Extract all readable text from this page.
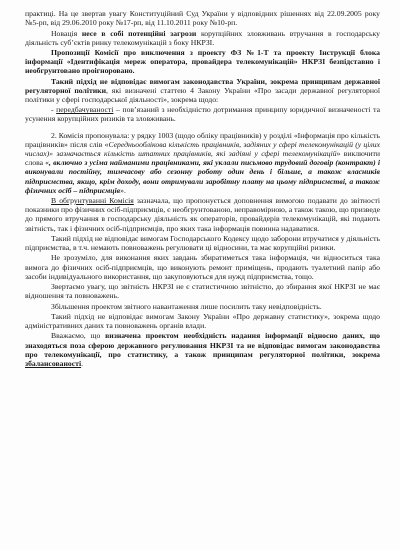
практиці. На це звертав увагу Конституційний Суд України у відповідних рішеннях від 22.09.2005 року №5-рп, від 29.06.2010 року №17-рп, від 11.10.2011 року №10-рп.

Новація несе в собі потенційні загрози корупційних зловживань втручання в господарську діяльність суб’єктів ринку телекомунікацій з боку НКРЗІ.

Пропозиції Комісії про виключення з проекту ФЗ №1-Т та проекту Інструкції блока інформації «Ідентифікація мереж оператора, провайдера телекомунікацій» НКРЗІ безпідставно і необгрунтовано проігноровано.

Такий підхід не відповідає вимогам законодавства України, зокрема принципам державної регуляторної політики, які визначені статтею 4 Закону України «Про засади державної регуляторної політики у сфері господарської діяльності», зокрема щодо:

- передбачуваності – пов’язаний з необхідністю дотримання принципу юридичної визначеності та усунення корупційних ризиків та зловживань.

2. Комісія пропонувала: у рядку 1003 (щодо обліку працівників) у розділі «Інформація про кількість працівників» після слів «Середньооблікова кількість працівників, задіяних у сфері телекомунікацій (у цілих числах)» зазначається кількість штатних працівників, які задіяні у сфері телекомунікацій» виключити слова «, включно з усіма найманими працівниками, які уклали письмово трудовий договір (контракт) і виконували постійну, тимчасову або сезонну роботу один день і більше, а також власників підприємства, якщо, крім доходу, вони отримували заробітну плату на цьому підприємстві, а також фізичних осіб – підприємців».

В обгрунтуванні Комісія зазначала, що пропонується доповнення вимогою подавати до звітності показники про фізичних осіб-підприємців, є необгрунтованою, неправомірною, а також такою, що призведе до прямого втручання в господарську діяльність як операторів, провайдерів телекомунікацій, які подають звітність, так і фізичних осіб-підприємців, про яких така інформація повинна надаватися.

Такий підхід не відповідає вимогам Господарського Кодексу щодо заборони втручатися у діяльність підприємства, в т.ч. немають повноважень регулювати ці відносини, та має корупційні ризики.

Не зрозуміло, для виконання яких завдань збиратиметься така інформація, чи відноситься така вимога до фізичних осіб-підприємців, що виконують ремонт приміщень, продають туалетний папір або засоби індивідуального використання, що закуповуються для нужд підприємства, тощо.

Звертаємо увагу, що звітність НКРЗІ не є статистичною звітністю, до збирання якої НКРЗІ не має відношення та повноважень.

Збільшення проектом звітного навантаження лише посилить таку невідповідність.

Такий підхід не відповідає вимогам Закону України «Про державну статистику», зокрема щодо адміністративних даних та повноважень органів влади.

Вважаємо, що визначена проектом необхідність надання інформації відносно даних, що знаходяться поза сферою державного регулювання НКРЗІ та не відповідає вимогам законодавства про телекомунікації, про статистику, а також принципам регуляторної політики, зокрема збалансованості.
